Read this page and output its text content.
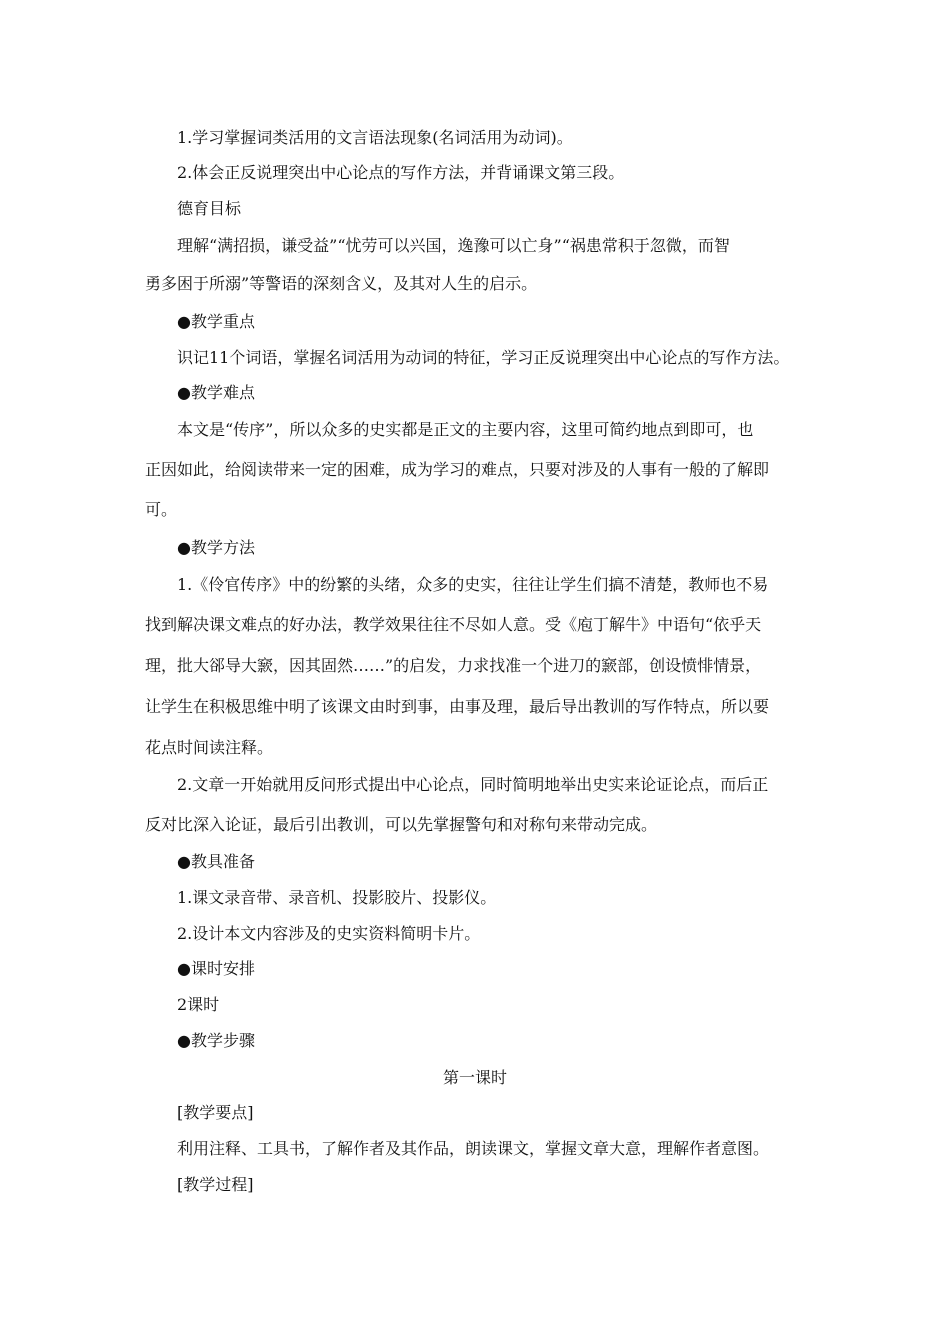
1.学习掌握词类活用的文言语法现象(名词活用为动词)。

2.体会正反说理突出中心论点的写作方法，并背诵课文第三段。

德育目标

理解“满招损，谦受益”“忧劳可以兴国，逸豫可以亡身”“祸患常积于忽微，而智

勇多困于所溺”等警语的深刻含义，及其对人生的启示。

●教学重点

识记11个词语，掌握名词活用为动词的特征，学习正反说理突出中心论点的写作方法。

●教学难点

本文是“传序”，所以众多的史实都是正文的主要内容，这里可简约地点到即可，也

正因如此，给阅读带来一定的困难，成为学习的难点，只要对涉及的人事有一般的了解即

可。

●教学方法

1.《伶官传序》中的纷繁的头绪，众多的史实，往往让学生们搞不清楚，教师也不易

找到解决课文难点的好办法，教学效果往往不尽如人意。受《庖丁解牛》中语句“依乎天

理，批大郤导大窾，因其固然……”的启发，力求找准一个进刀的窾部，创设愤悱情景，

让学生在积极思维中明了该课文由时到事，由事及理，最后导出教训的写作特点，所以要

花点时间读注释。

2.文章一开始就用反问形式提出中心论点，同时简明地举出史实来论证论点，而后正

反对比深入论证，最后引出教训，可以先掌握警句和对称句来带动完成。

●教具准备

1.课文录音带、录音机、投影胶片、投影仪。

2.设计本文内容涉及的史实资料简明卡片。

●课时安排

2课时

●教学步骤

第一课时

[教学要点]

利用注释、工具书，了解作者及其作品，朗读课文，掌握文章大意，理解作者意图。

[教学过程]
